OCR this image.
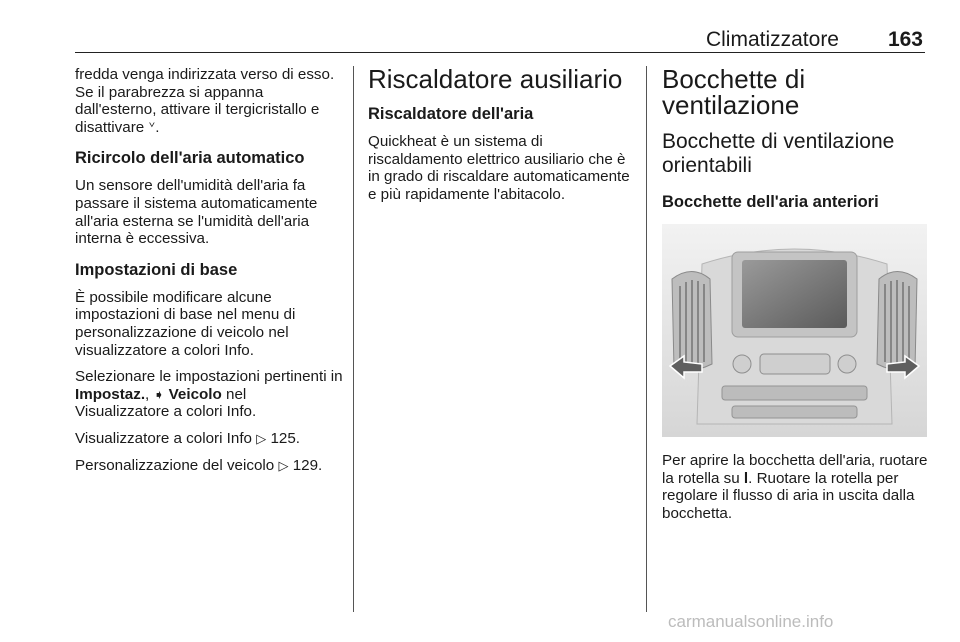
Climatizzatore 163

fredda venga indirizzata verso di esso. Se il parabrezza si appanna dall'esterno, attivare il tergicristallo e disattivare ᘁ.

Ricircolo dell'aria automatico

Un sensore dell'umidità dell'aria fa passare il sistema automaticamente all'aria esterna se l'umidità dell'aria interna è eccessiva.

Impostazioni di base

È possibile modificare alcune impostazioni di base nel menu di personalizzazione di veicolo nel visualizzatore a colori Info.

Selezionare le impostazioni pertinenti in Impostaz., ➧ Veicolo nel Visualizzatore a colori Info.

Visualizzatore a colori Info ▷ 125.

Personalizzazione del veicolo ▷ 129.

Riscaldatore ausiliario
Riscaldatore dell'aria

Quickheat è un sistema di riscaldamento elettrico ausiliario che è in grado di riscaldare automaticamente e più rapidamente l'abitacolo.

Bocchette di ventilazione
Bocchette di ventilazione orientabili
Bocchette dell'aria anteriori

Per aprire la bocchetta dell'aria, ruotare la rotella su l. Ruotare la rotella per regolare il flusso di aria in uscita dalla bocchetta.

carmanualsonline.info
